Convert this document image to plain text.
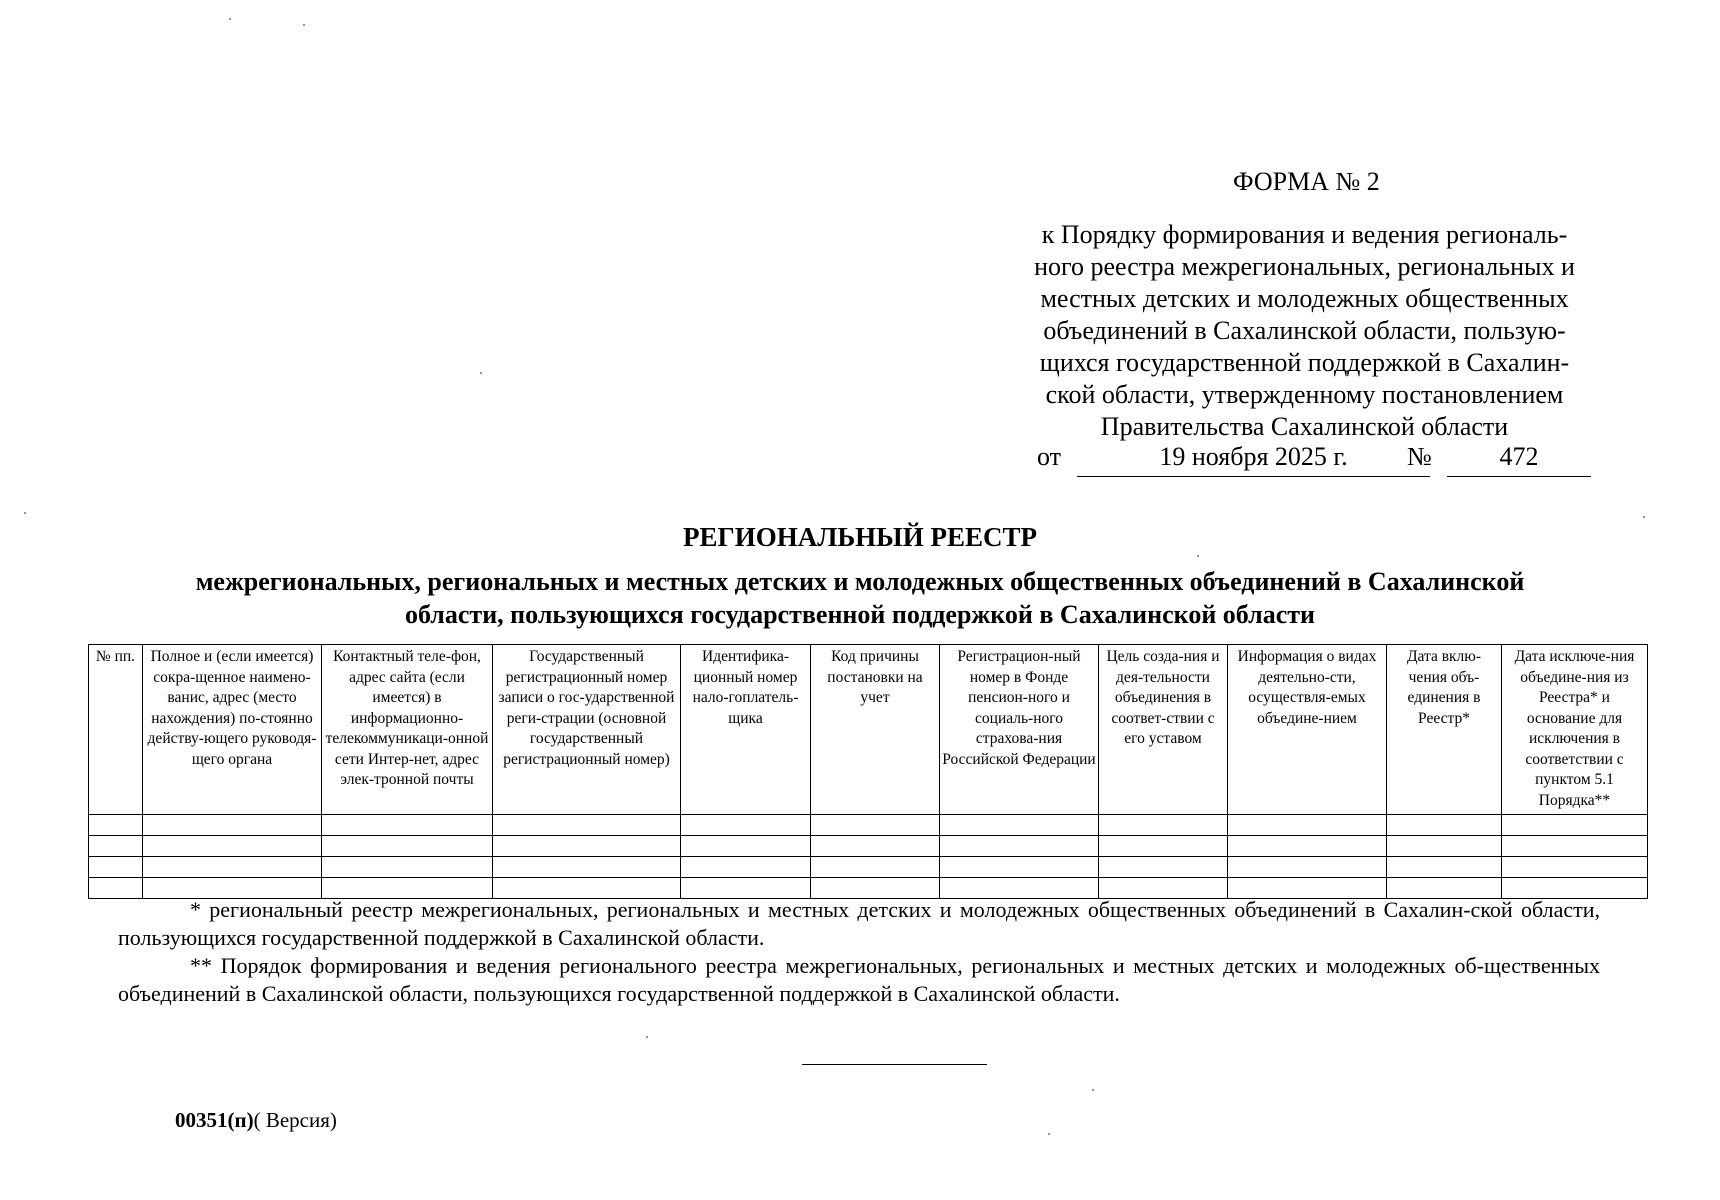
ФОРМА № 2
к Порядку формирования и ведения региональ-
ного реестра межрегиональных, региональных и
местных детских и молодежных общественных
объединений в Сахалинской области, пользую-
щихся государственной поддержкой в Сахалин-
ской области, утвержденному постановлением
Правительства Сахалинской области
от	19 ноября 2025 г.	№	472
РЕГИОНАЛЬНЫЙ РЕЕСТР
межрегиональных, региональных и местных детских и молодежных общественных объединений в Сахалинской
области, пользующихся государственной поддержкой в Сахалинской области
№ пп.	Полное и (если имеется) сокра-щенное наимено-ванис, адрес (место нахождения) по-стоянно действу-ющего руководя-щего органа	Контактный теле-фон, адрес сайта (если имеется) в информационно-телекоммуникаци-онной сети Интер-нет, адрес элек-тронной почты	Государственный регистрационный номер записи о гос-ударственной реги-страции (основной государственный регистрационный номер)	Идентифика-ционный номер нало-гоплатель-щика	Код причины постановки на учет	Регистрацион-ный номер в Фонде пенсион-ного и социаль-ного страхова-ния Российской Федерации	Цель созда-ния и дея-тельности объединения в соответ-ствии с его уставом	Информация о видах деятельно-сти, осуществля-емых объедине-нием	Дата вклю-чения объ-единения в Реестр*	Дата исключе-ния объедине-ния из Реестра* и основание для исключения в соответствии с пунктом 5.1 Порядка**

* региональный реестр межрегиональных, региональных и местных детских и молодежных общественных объединений в Сахалин-ской области, пользующихся государственной поддержкой в Сахалинской области.

** Порядок формирования и ведения регионального реестра межрегиональных, региональных и местных детских и молодежных об-щественных объединений в Сахалинской области, пользующихся государственной поддержкой в Сахалинской области.

00351(п)( Версия)
